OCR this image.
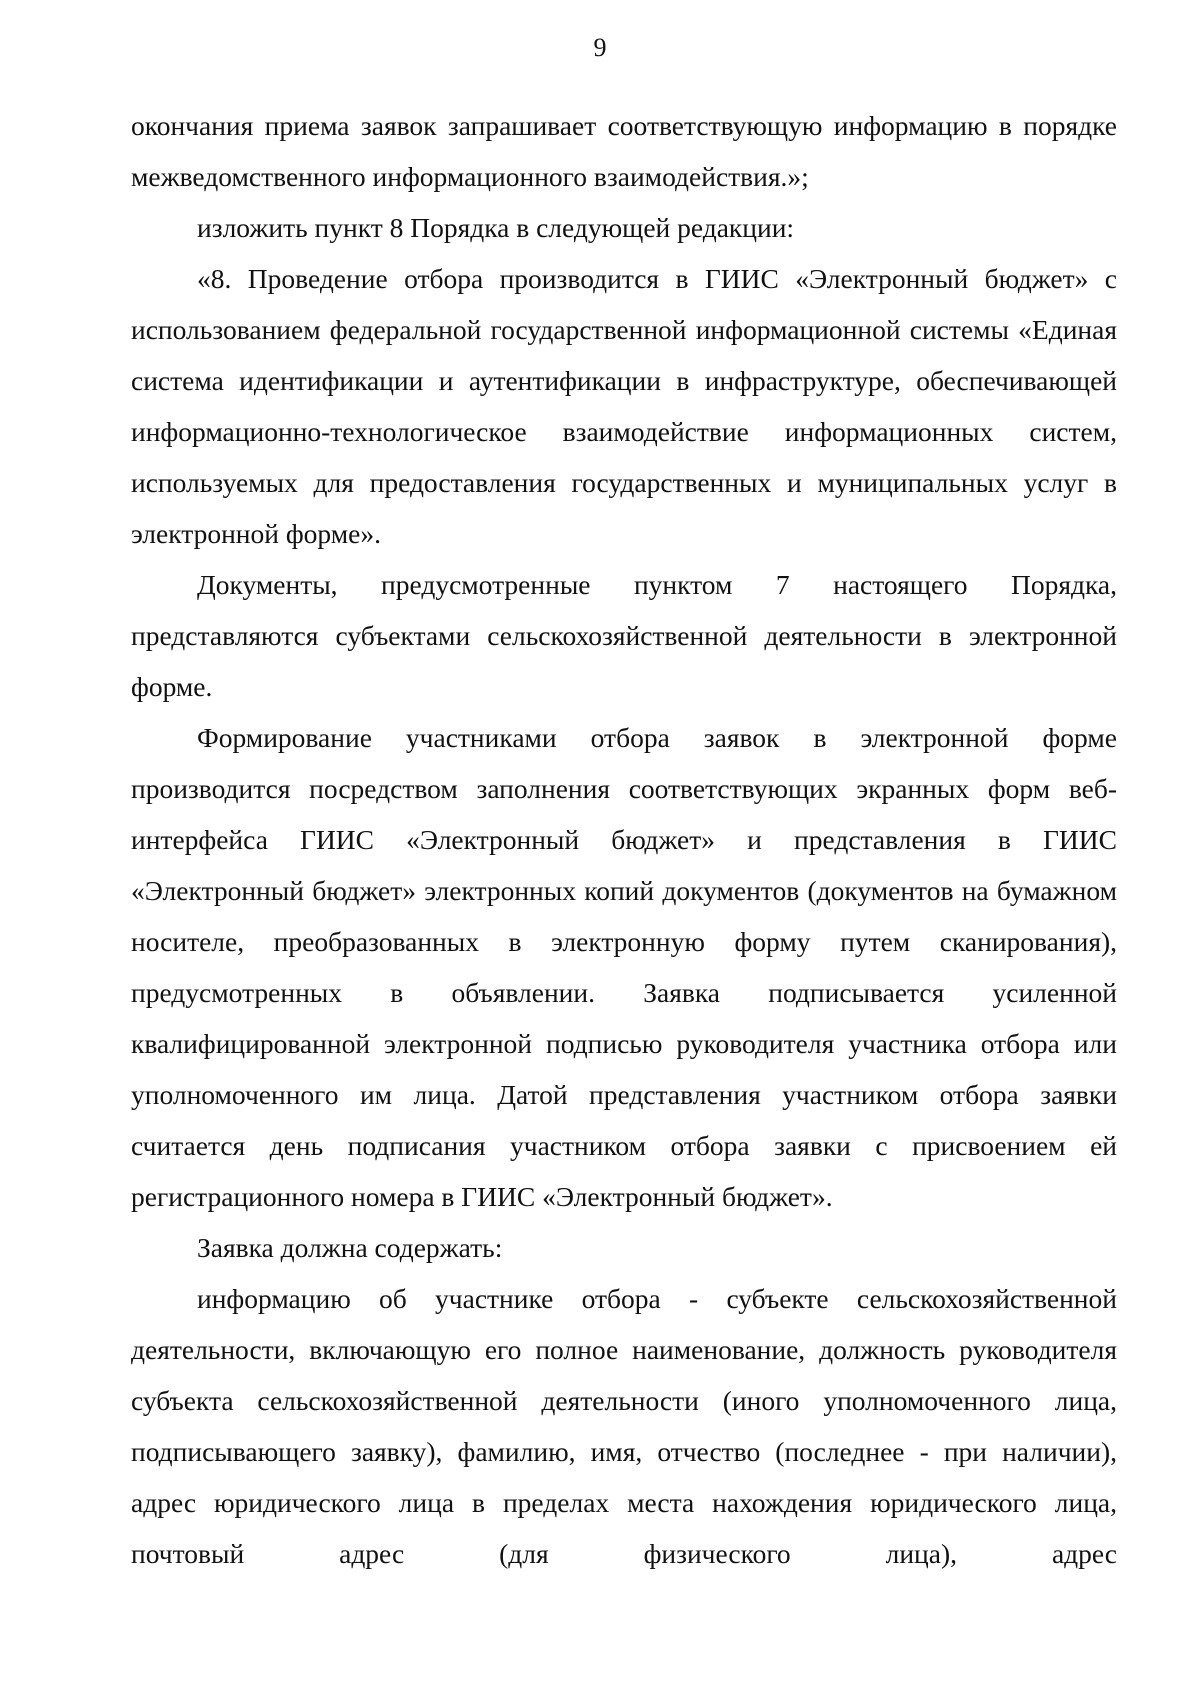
9

окончания приема заявок запрашивает соответствующую информацию в порядке межведомственного информационного взаимодействия.»;

изложить пункт 8 Порядка в следующей редакции:

«8. Проведение отбора производится в ГИИС «Электронный бюджет» с использованием федеральной государственной информационной системы «Единая система идентификации и аутентификации в инфраструктуре, обеспечивающей информационно-технологическое взаимодействие информационных систем, используемых для предоставления государственных и муниципальных услуг в электронной форме».

Документы, предусмотренные пунктом 7 настоящего Порядка, представляются субъектами сельскохозяйственной деятельности в электронной форме.

Формирование участниками отбора заявок в электронной форме производится посредством заполнения соответствующих экранных форм веб-интерфейса ГИИС «Электронный бюджет» и представления в ГИИС «Электронный бюджет» электронных копий документов (документов на бумажном носителе, преобразованных в электронную форму путем сканирования), предусмотренных в объявлении. Заявка подписывается усиленной квалифицированной электронной подписью руководителя участника отбора или уполномоченного им лица. Датой представления участником отбора заявки считается день подписания участником отбора заявки с присвоением ей регистрационного номера в ГИИС «Электронный бюджет».

Заявка должна содержать:

информацию об участнике отбора - субъекте сельскохозяйственной деятельности, включающую его полное наименование, должность руководителя субъекта сельскохозяйственной деятельности (иного уполномоченного лица, подписывающего заявку), фамилию, имя, отчество (последнее - при наличии), адрес юридического лица в пределах места нахождения юридического лица, почтовый адрес (для физического лица), адрес
